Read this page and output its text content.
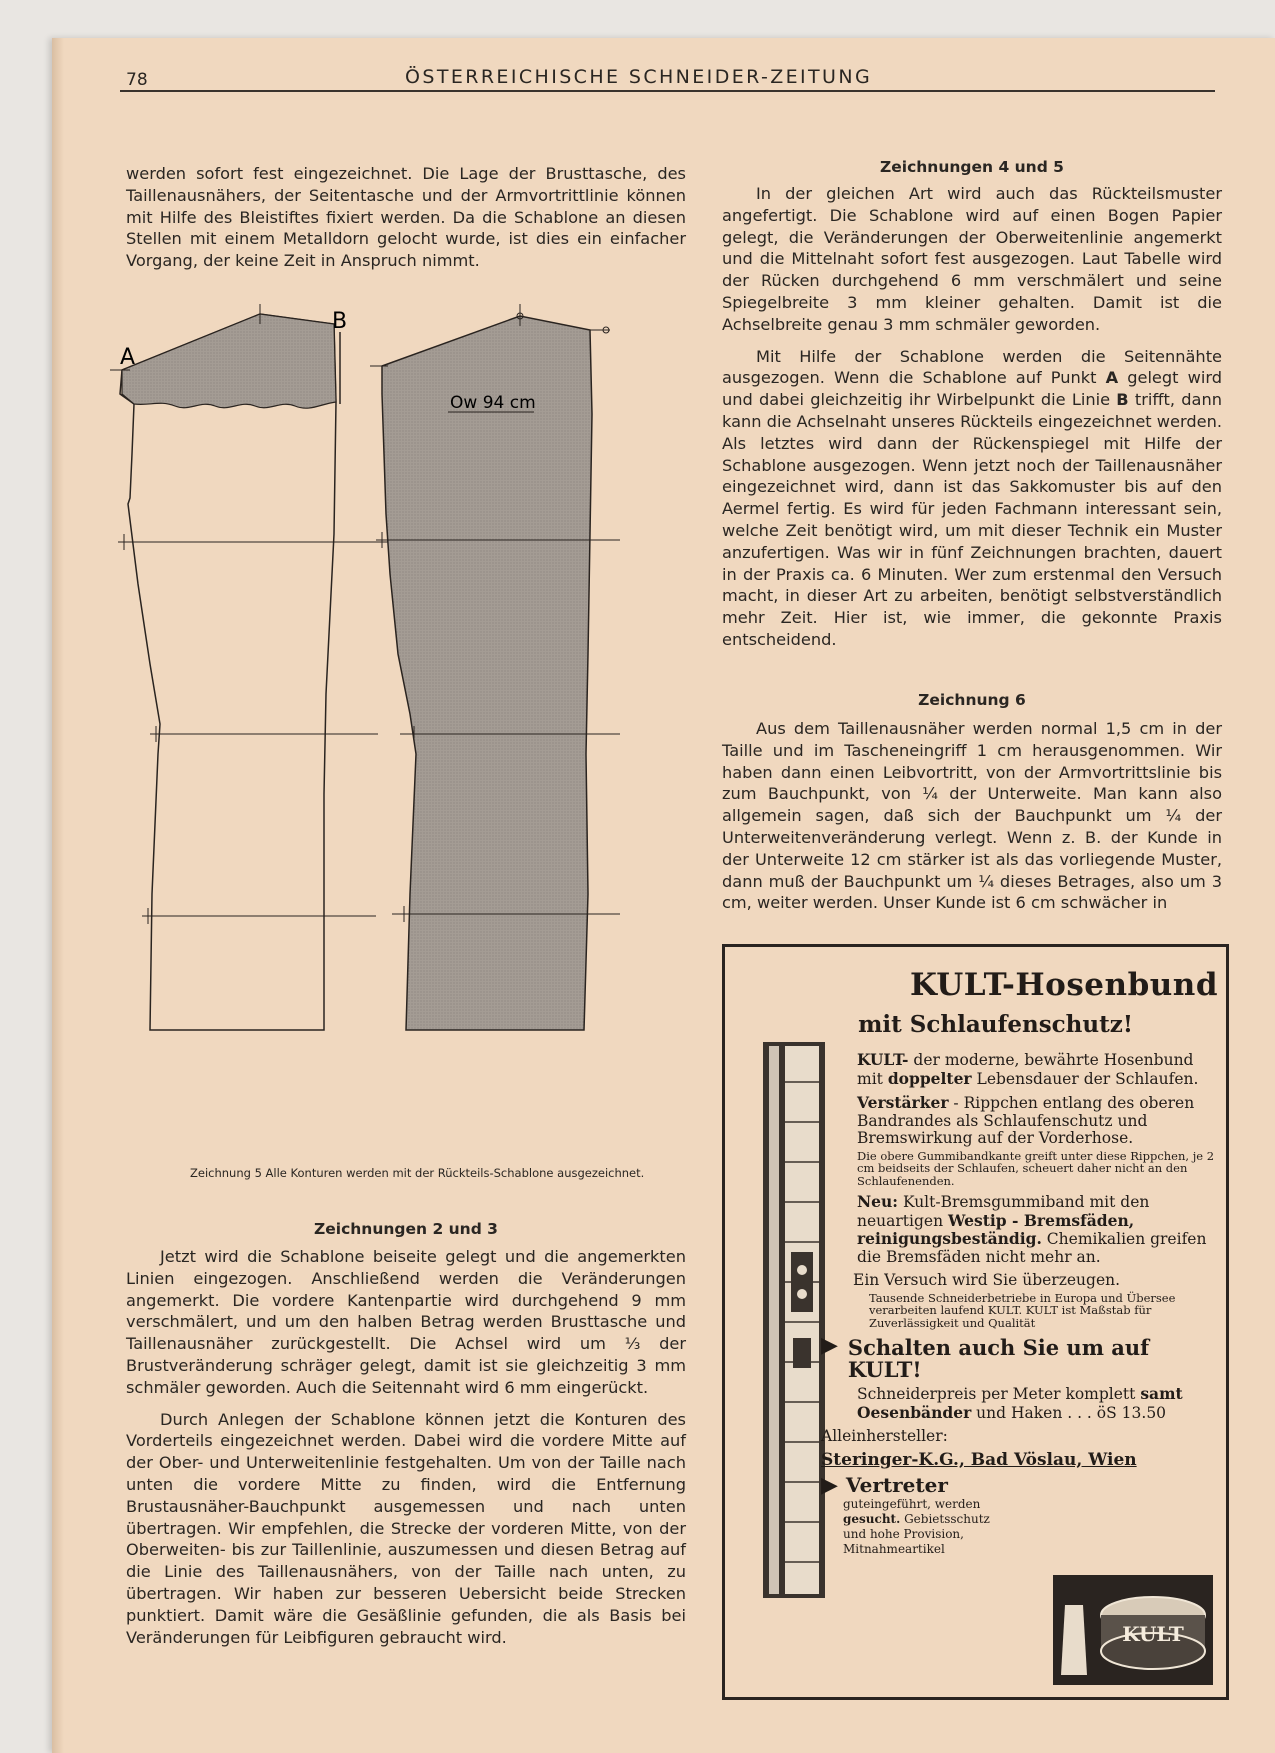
78	ÖSTERREICHISCHE SCHNEIDER-ZEITUNG

werden sofort fest eingezeichnet. Die Lage der Brusttasche, des Taillenausnähers, der Seitentasche und der Armvortrittlinie können mit Hilfe des Bleistiftes fixiert werden. Da die Schablone an diesen Stellen mit einem Metalldorn gelocht wurde, ist dies ein einfacher Vorgang, der keine Zeit in Anspruch nimmt.

A
B
Ow 94 cm
Zeichnung 5 Alle Konturen werden mit der Rückteils-Schablone ausgezeichnet.

Zeichnungen 2 und 3

Jetzt wird die Schablone beiseite gelegt und die angemerkten Linien eingezogen. Anschließend werden die Veränderungen angemerkt. Die vordere Kantenpartie wird durchgehend 9 mm verschmälert, und um den halben Betrag werden Brusttasche und Taillenausnäher zurückgestellt. Die Achsel wird um ⅓ der Brustveränderung schräger gelegt, damit ist sie gleichzeitig 3 mm schmäler geworden. Auch die Seitennaht wird 6 mm eingerückt.

Durch Anlegen der Schablone können jetzt die Konturen des Vorderteils eingezeichnet werden. Dabei wird die vordere Mitte auf der Ober- und Unterweitenlinie festgehalten. Um von der Taille nach unten die vordere Mitte zu finden, wird die Entfernung Brustausnäher-Bauchpunkt ausgemessen und nach unten übertragen. Wir empfehlen, die Strecke der vorderen Mitte, von der Oberweiten- bis zur Taillenlinie, auszumessen und diesen Betrag auf die Linie des Taillenausnähers, von der Taille nach unten, zu übertragen. Wir haben zur besseren Uebersicht beide Strecken punktiert. Damit wäre die Gesäßlinie gefunden, die als Basis bei Veränderungen für Leibfiguren gebraucht wird.

Zeichnungen 4 und 5

In der gleichen Art wird auch das Rückteilsmuster angefertigt. Die Schablone wird auf einen Bogen Papier gelegt, die Veränderungen der Oberweitenlinie angemerkt und die Mittelnaht sofort fest ausgezogen. Laut Tabelle wird der Rücken durchgehend 6 mm verschmälert und seine Spiegelbreite 3 mm kleiner gehalten. Damit ist die Achselbreite genau 3 mm schmäler geworden.

Mit Hilfe der Schablone werden die Seitennähte ausgezogen. Wenn die Schablone auf Punkt A gelegt wird und dabei gleichzeitig ihr Wirbelpunkt die Linie B trifft, dann kann die Achselnaht unseres Rückteils eingezeichnet werden. Als letztes wird dann der Rückenspiegel mit Hilfe der Schablone ausgezogen. Wenn jetzt noch der Taillenausnäher eingezeichnet wird, dann ist das Sakkomuster bis auf den Aermel fertig. Es wird für jeden Fachmann interessant sein, welche Zeit benötigt wird, um mit dieser Technik ein Muster anzufertigen. Was wir in fünf Zeichnungen brachten, dauert in der Praxis ca. 6 Minuten. Wer zum erstenmal den Versuch macht, in dieser Art zu arbeiten, benötigt selbstverständlich mehr Zeit. Hier ist, wie immer, die gekonnte Praxis entscheidend.

Zeichnung 6

Aus dem Taillenausnäher werden normal 1,5 cm in der Taille und im Tascheneingriff 1 cm herausgenommen. Wir haben dann einen Leibvortritt, von der Armvortrittslinie bis zum Bauchpunkt, von ¼ der Unterweite. Man kann also allgemein sagen, daß sich der Bauchpunkt um ¼ der Unterweitenveränderung verlegt. Wenn z. B. der Kunde in der Unterweite 12 cm stärker ist als das vorliegende Muster, dann muß der Bauchpunkt um ¼ dieses Betrages, also um 3 cm, weiter werden. Unser Kunde ist 6 cm schwächer in

KULT-Hosenbund
mit Schlaufenschutz!

KULT- der moderne, bewährte Hosenbund mit doppelter Lebensdauer der Schlaufen.

Verstärker - Rippchen entlang des oberen Bandrandes als Schlaufenschutz und Bremswirkung auf der Vorderhose.

Die obere Gummibandkante greift unter diese Rippchen, je 2 cm beidseits der Schlaufen, scheuert daher nicht an den Schlaufenenden.

Neu: Kult-Bremsgummiband mit den neuartigen Westip - Bremsfäden, reinigungsbeständig. Chemikalien greifen die Bremsfäden nicht mehr an.

Ein Versuch wird Sie überzeugen.

Tausende Schneiderbetriebe in Europa und Übersee verarbeiten laufend KULT. KULT ist Maßstab für Zuverlässigkeit und Qualität

▶ Schalten auch Sie um auf KULT!

Schneiderpreis per Meter komplett samt Oesenbänder und Haken . . . öS 13.50

Alleinhersteller:

Steringer-K.G., Bad Vöslau, Wien

▶ Vertreter

guteingeführt, werden gesucht. Gebietsschutz und hohe Provision, Mitnahmeartikel

KULT
